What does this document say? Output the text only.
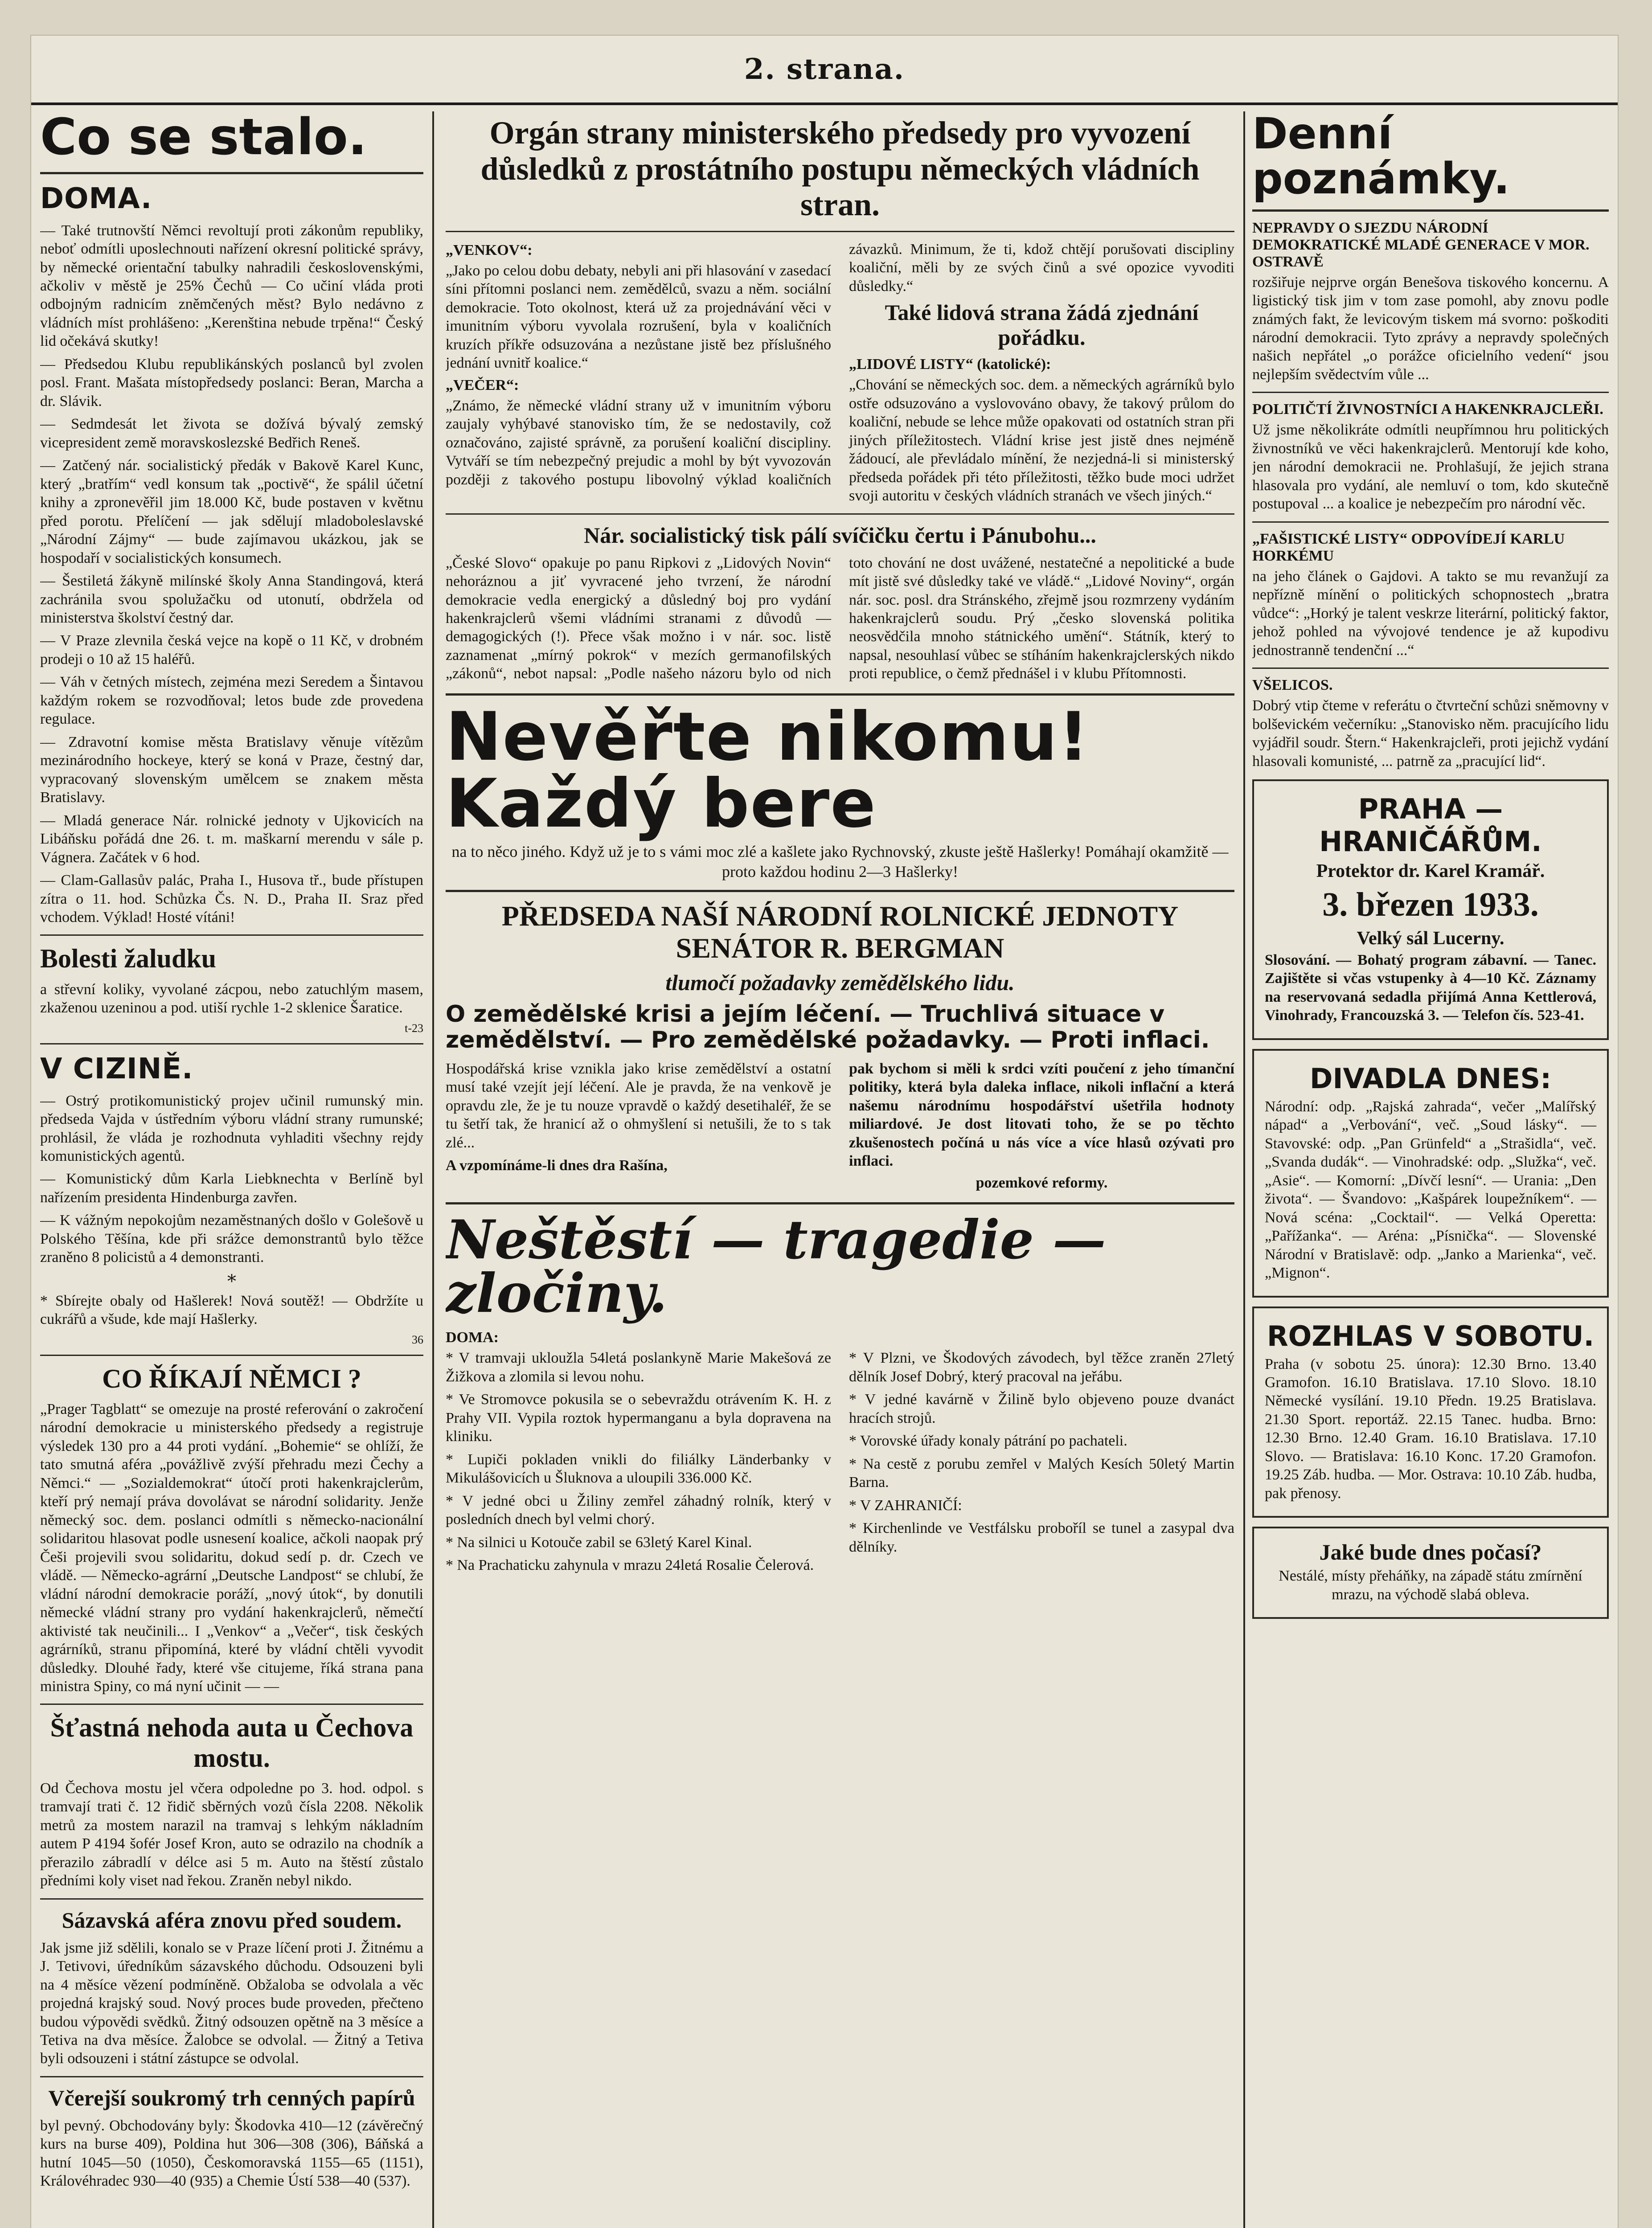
2. strana.
Co se stalo.
DOMA.

— Také trutnovští Němci revoltují proti zákonům republiky, neboť odmítli uposlechnouti nařízení okresní politické správy, by německé orientační tabulky nahradili československými, ačkoliv v městě je 25% Čechů — Co učiní vláda proti odbojným radnicím zněmčených měst? Bylo nedávno z vládních míst prohlášeno: „Kerenština nebude trpěna!“ Český lid očekává skutky!

— Předsedou Klubu republikánských poslanců byl zvolen posl. Frant. Mašata místopředsedy poslanci: Beran, Marcha a dr. Slávik.

— Sedmdesát let života se dožívá bývalý zemský vicepresident země moravskoslezské Bedřich Reneš.

— Zatčený nár. socialistický předák v Bakově Karel Kunc, který „bratřím“ vedl konsum tak „poctivě“, že spálil účetní knihy a zpronevěřil jim 18.000 Kč, bude postaven v květnu před porotu. Přelíčení — jak sdělují mladoboleslavské „Národní Zájmy“ — bude zajímavou ukázkou, jak se hospodaří v socialistických konsumech.

— Šestiletá žákyně milínské školy Anna Standingová, která zachránila svou spolužačku od utonutí, obdržela od ministerstva školství čestný dar.

— V Praze zlevnila česká vejce na kopě o 11 Kč, v drobném prodeji o 10 až 15 haléřů.

— Váh v četných místech, zejména mezi Seredem a Šintavou každým rokem se rozvodňoval; letos bude zde provedena regulace.

— Zdravotní komise města Bratislavy věnuje vítězům mezinárodního hockeye, který se koná v Praze, čestný dar, vypracovaný slovenským umělcem se znakem města Bratislavy.

— Mladá generace Nár. rolnické jednoty v Ujkovicích na Libáňsku pořádá dne 26. t. m. maškarní merendu v sále p. Vágnera. Začátek v 6 hod.

— Clam-Gallasův palác, Praha I., Husova tř., bude přístupen zítra o 11. hod. Schůzka Čs. N. D., Praha II. Sraz před vchodem. Výklad! Hosté vítáni!

Bolesti žaludku

a střevní koliky, vyvolané zácpou, nebo zatuchlým masem, zkaženou uzeninou a pod. utiší rychle 1-2 sklenice Šaratice.

t-23
V CIZINĚ.

— Ostrý protikomunistický projev učinil rumunský min. předseda Vajda v ústředním výboru vládní strany rumunské; prohlásil, že vláda je rozhodnuta vyhladiti všechny rejdy komunistických agentů.

— Komunistický dům Karla Liebknechta v Berlíně byl nařízením presidenta Hindenburga zavřen.

— K vážným nepokojům nezaměstnaných došlo v Golešově u Polského Těšína, kde při srážce demonstrantů bylo těžce zraněno 8 policistů a 4 demonstranti.

*

* Sbírejte obaly od Hašlerek! Nová soutěž! — Obdržíte u cukrářů a všude, kde mají Hašlerky.

36
CO ŘÍKAJÍ NĚMCI ?

„Prager Tagblatt“ se omezuje na prosté referování o zakročení národní demokracie u ministerského předsedy a registruje výsledek 130 pro a 44 proti vydání. „Bohemie“ se ohlíží, že tato smutná aféra „povážlivě zvýší přehradu mezi Čechy a Němci.“ — „Sozialdemokrat“ útočí proti hakenkrajclerům, kteří prý nemají práva dovolávat se národní solidarity. Jenže německý soc. dem. poslanci odmítli s německo-nacionální solidaritou hlasovat podle usnesení koalice, ačkoli naopak prý Češi projevili svou solidaritu, dokud sedí p. dr. Czech ve vládě. — Německo-agrární „Deutsche Landpost“ se chlubí, že vládní národní demokracie poráží, „nový útok“, by donutili německé vládní strany pro vydání hakenkrajclerů, němečtí aktivisté tak neučinili... I „Venkov“ a „Večer“, tisk českých agrárníků, stranu připomíná, které by vládní chtěli vyvodit důsledky. Dlouhé řady, které vše citujeme, říká strana pana ministra Spiny, co má nyní učinit — —

Šťastná nehoda auta u Čechova mostu.

Od Čechova mostu jel včera odpoledne po 3. hod. odpol. s tramvají trati č. 12 řidič sběrných vozů čísla 2208. Několik metrů za mostem narazil na tramvaj s lehkým nákladním autem P 4194 šofér Josef Kron, auto se odrazilo na chodník a přerazilo zábradlí v délce asi 5 m. Auto na štěstí zůstalo předními koly viset nad řekou. Zraněn nebyl nikdo.

Sázavská aféra znovu před soudem.

Jak jsme již sdělili, konalo se v Praze líčení proti J. Žitnému a J. Tetivovi, úředníkům sázavského důchodu. Odsouzeni byli na 4 měsíce vězení podmíněně. Obžaloba se odvolala a věc projedná krajský soud. Nový proces bude proveden, přečteno budou výpovědi svědků. Žitný odsouzen opětně na 3 měsíce a Tetiva na dva měsíce. Žalobce se odvolal. — Žitný a Tetiva byli odsouzeni i státní zástupce se odvolal.

Včerejší soukromý trh cenných papírů

byl pevný. Obchodovány byly: Škodovka 410—12 (závěrečný kurs na burse 409), Poldina hut 306—308 (306), Báňská a hutní 1045—50 (1050), Českomoravská 1155—65 (1151), Královéhradec 930—40 (935) a Chemie Ústí 538—40 (537).

Orgán strany ministerského předsedy pro vyvození důsledků z prostátního postupu německých vládních stran.
„VENKOV“:

„Jako po celou dobu debaty, nebyli ani při hlasování v zasedací síni přítomni poslanci nem. zemědělců, svazu a něm. sociální demokracie. Toto okolnost, která už za projednávání věci v imunitním výboru vyvolala rozrušení, byla v koaličních kruzích příkře odsuzována a nezůstane jistě bez příslušného jednání uvnitř koalice.“

„VEČER“:

„Známo, že německé vládní strany už v imunitním výboru zaujaly vyhýbavé stanovisko tím, že se nedostavily, což označováno, zajisté správně, za porušení koaliční discipliny. Vytváří se tím nebezpečný prejudic a mohl by být vyvozován později z takového postupu libovolný výklad koaličních závazků. Minimum, že ti, kdož chtějí porušovati discipliny koaliční, měli by ze svých činů a své opozice vyvoditi důsledky.“

Také lidová strana žádá zjednání pořádku.
„LIDOVÉ LISTY“ (katolické):

„Chování se německých soc. dem. a německých agrárníků bylo ostře odsuzováno a vyslovováno obavy, že takový průlom do koaliční, nebude se lehce může opakovati od ostatních stran při jiných příležitostech. Vládní krise jest jistě dnes nejméně žádoucí, ale převládalo mínění, že nezjedná-li si ministerský předseda pořádek při této příležitosti, těžko bude moci udržet svoji autoritu v českých vládních stranách ve všech jiných.“

Nár. socialistický tisk pálí svíčičku čertu i Pánubohu...

„České Slovo“ opakuje po panu Ripkovi z „Lidových Novin“ nehoráznou a jiť vyvracené jeho tvrzení, že národní demokracie vedla energický a důsledný boj pro vydání hakenkrajclerů všemi vládními stranami z důvodů — demagogických (!). Přece však možno i v nár. soc. listě zaznamenat „mírný pokrok“ v mezích germanofilských „zákonů“, nebot napsal: „Podle našeho názoru bylo od nich toto chování ne dost uvážené, nestatečné a nepolitické a bude mít jistě své důsledky také ve vládě.“ „Lidové Noviny“, orgán nár. soc. posl. dra Stránského, zřejmě jsou rozmrzeny vydáním hakenkrajclerů soudu. Prý „česko slovenská politika neosvědčila mnoho státnického umění“. Státník, který to napsal, nesouhlasí vůbec se stíháním hakenkrajclerských nikdo proti republice, o čemž přednášel i v klubu Přítomnosti.

Nevěřte nikomu! Každý bere
na to něco jiného. Když už je to s vámi moc zlé a kašlete jako Rychnovský, zkuste ještě Hašlerky! Pomáhají okamžitě — proto každou hodinu 2—3 Hašlerky!
PŘEDSEDA NAŠÍ NÁRODNÍ ROLNICKÉ JEDNOTY SENÁTOR R. BERGMAN
tlumočí požadavky zemědělského lidu.
O zemědělské krisi a jejím léčení. — Truchlivá situace v zemědělství. — Pro zemědělské požadavky. — Proti inflaci.

Hospodářská krise vznikla jako krise zemědělství a ostatní musí také vzejít její léčení. Ale je pravda, že na venkově je opravdu zle, že je tu nouze vpravdě o každý desetihaléř, že se tu šetří tak, že hranicí až o ohmyšlení si netušili, že to s tak zlé...

A vzpomínáme-li dnes dra Rašína,

pak bychom si měli k srdci vzíti poučení z jeho tímanční politiky, která byla daleka inflace, nikoli inflační a která našemu národnímu hospodářství ušetřila hodnoty miliardové. Je dost litovati toho, že se po těchto zkušenostech počíná u nás více a více hlasů ozývati pro inflaci.

pozemkové reformy.
Neštěstí — tragedie — zločiny.
DOMA:

* V tramvaji ukloužla 54letá poslankyně Marie Makešová ze Žižkova a zlomila si levou nohu.

* Ve Stromovce pokusila se o sebevraždu otrávením K. H. z Prahy VII. Vypila roztok hypermanganu a byla dopravena na kliniku.

* Lupiči pokladen vnikli do filiálky Länderbanky v Mikulášovicích u Šluknova a uloupili 336.000 Kč.

* V jedné obci u Žiliny zemřel záhadný rolník, který v posledních dnech byl velmi chorý.

* Na silnici u Kotouče zabil se 63letý Karel Kinal.

* Na Prachaticku zahynula v mrazu 24letá Rosalie Čelerová.

* V Plzni, ve Škodových závodech, byl těžce zraněn 27letý dělník Josef Dobrý, který pracoval na jeřábu.

* V jedné kavárně v Žilině bylo objeveno pouze dvanáct hracích strojů.

* Vorovské úřady konaly pátrání po pachateli.

* Na cestě z porubu zemřel v Malých Kesích 50letý Martin Barna.

* V ZAHRANIČÍ:

* Kirchenlinde ve Vestfálsku proboříl se tunel a zasypal dva dělníky.

Denní poznámky.
NEPRAVDY O SJEZDU NÁRODNÍ DEMOKRATICKÉ MLADÉ GENERACE V MOR. OSTRAVĚ

rozšiřuje nejprve orgán Benešova tiskového koncernu. A ligistický tisk jim v tom zase pomohl, aby znovu podle známých fakt, že levicovým tiskem má svorno: poškoditi národní demokracii. Tyto zprávy a nepravdy společných našich nepřátel „o porážce oficielního vedení“ jsou nejlepším svědectvím vůle ...

POLITIČTÍ ŽIVNOSTNÍCI A HAKENKRAJCLEŘI.

Už jsme několikráte odmítli neupřímnou hru politických živnostníků ve věci hakenkrajclerů. Mentorují kde koho, jen národní demokracii ne. Prohlašují, že jejich strana hlasovala pro vydání, ale nemluví o tom, kdo skutečně postupoval ... a koalice je nebezpečím pro národní věc.

„FAŠISTICKÉ LISTY“ ODPOVÍDEJÍ KARLU HORKÉMU

na jeho článek o Gajdovi. A takto se mu revanžují za nepřízně mínění o politických schopnostech „bratra vůdce“: „Horký je talent veskrze literární, politický faktor, jehož pohled na vývojové tendence je až kupodivu jednostranně tendenční ...“

VŠELICOS.

Dobrý vtip čteme v referátu o čtvrteční schůzi sněmovny v bolševickém večerníku: „Stanovisko něm. pracujícího lidu vyjádřil soudr. Štern.“ Hakenkrajcleři, proti jejichž vydání hlasovali komunisté, ... patrně za „pracující lid“.

PRAHA — HRANIČÁŘŮM.
Protektor dr. Karel Kramář.
3. březen 1933.
Velký sál Lucerny.

Slosování. — Bohatý program zábavní. — Tanec. Zajištěte si včas vstupenky à 4—10 Kč. Záznamy na reservovaná sedadla přijímá Anna Kettlerová, Vinohrady, Francouzská 3. — Telefon čís. 523-41.

DIVADLA DNES:

Národní: odp. „Rajská zahrada“, večer „Malířský nápad“ a „Verbování“, več. „Soud lásky“. — Stavovské: odp. „Pan Grünfeld“ a „Strašidla“, več. „Svanda dudák“. — Vinohradské: odp. „Služka“, več. „Asie“. — Komorní: „Dívčí lesní“. — Urania: „Den života“. — Švandovo: „Kašpárek loupežníkem“. — Nová scéna: „Cocktail“. — Velká Operetta: „Pařížanka“. — Aréna: „Písnička“. — Slovenské Národní v Bratislavě: odp. „Janko a Marienka“, več. „Mignon“.

ROZHLAS V SOBOTU.

Praha (v sobotu 25. února): 12.30 Brno. 13.40 Gramofon. 16.10 Bratislava. 17.10 Slovo. 18.10 Německé vysílání. 19.10 Předn. 19.25 Bratislava. 21.30 Sport. reportáž. 22.15 Tanec. hudba. Brno: 12.30 Brno. 12.40 Gram. 16.10 Bratislava. 17.10 Slovo. — Bratislava: 16.10 Konc. 17.20 Gramofon. 19.25 Záb. hudba. — Mor. Ostrava: 10.10 Záb. hudba, pak přenosy.

Jaké bude dnes počasí?

Nestálé, místy přeháňky, na západě státu zmírnění mrazu, na východě slabá obleva.
